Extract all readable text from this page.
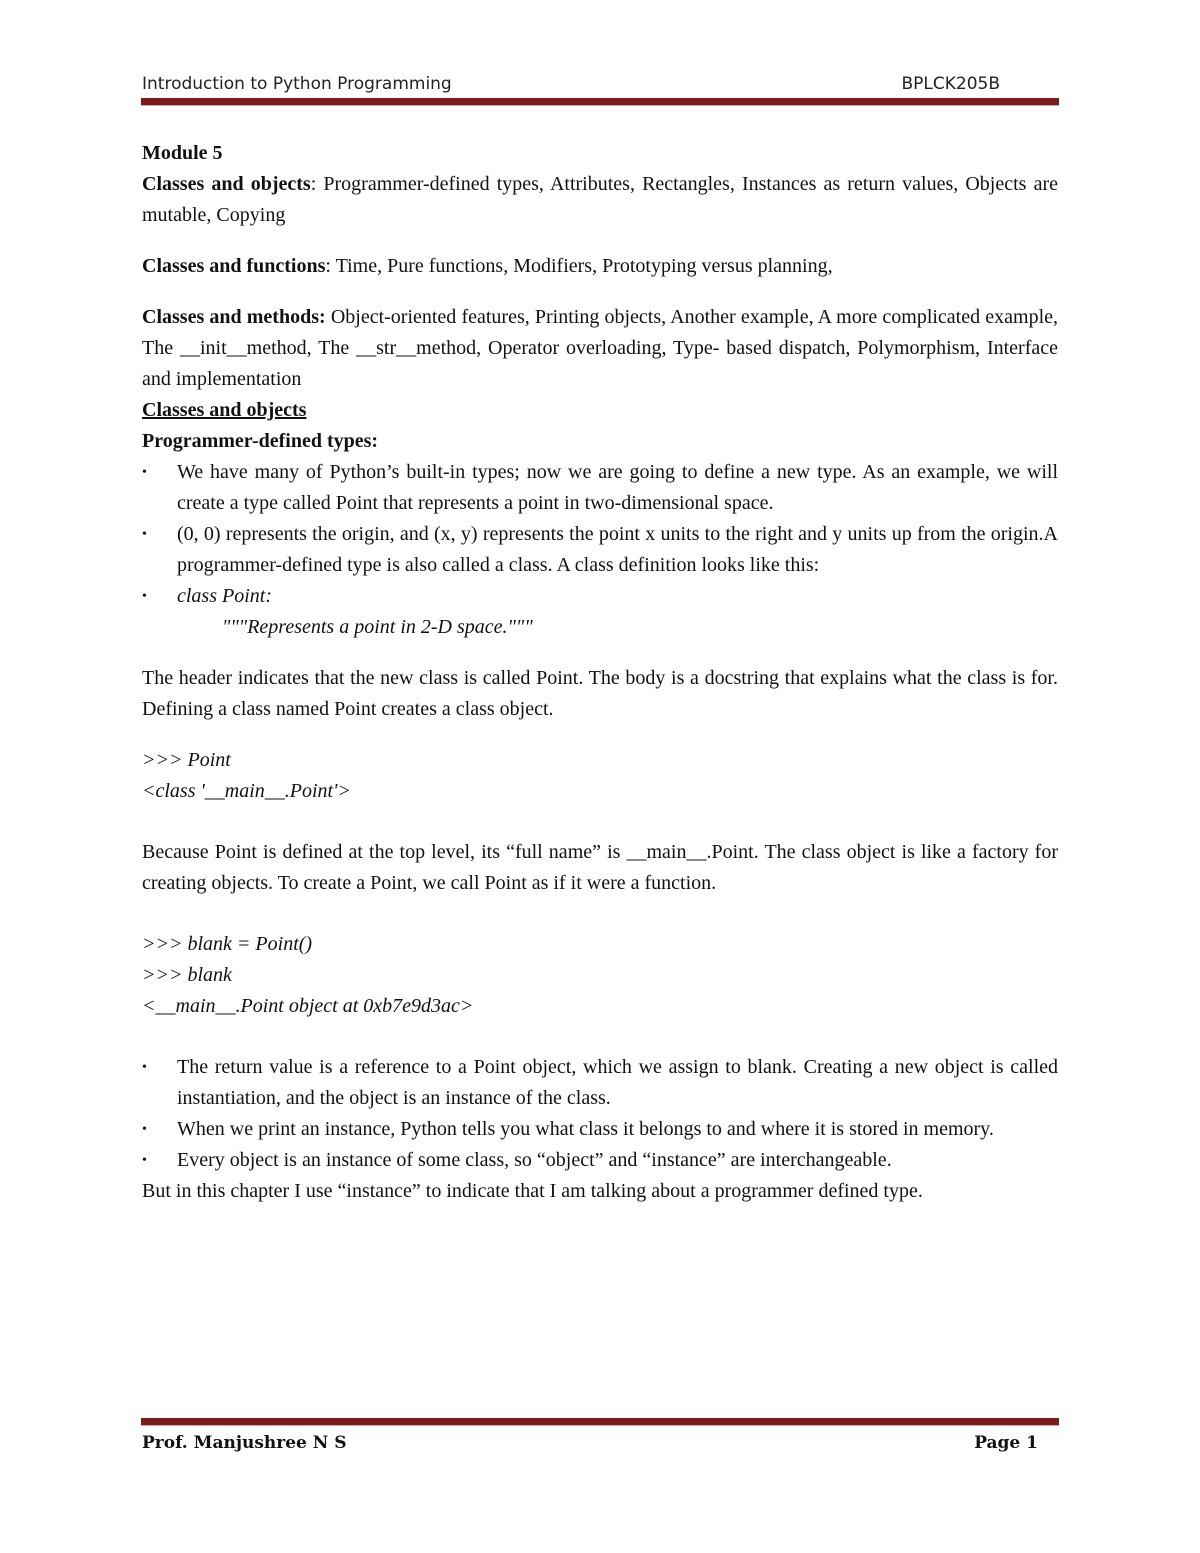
Introduction to Python Programming	BPLCK205B

Module 5

Classes and objects: Programmer-defined types, Attributes, Rectangles, Instances as return values, Objects are mutable, Copying

Classes and functions: Time, Pure functions, Modifiers, Prototyping versus planning,

Classes and methods: Object-oriented features, Printing objects, Another example, A more complicated example, The __init__method, The __str__method, Operator overloading, Type- based dispatch, Polymorphism, Interface and implementation

Classes and objects

Programmer-defined types:

•	We have many of Python’s built-in types; now we are going to define a new type. As an example, we will create a type called Point that represents a point in two-dimensional space.
•	(0, 0) represents the origin, and (x, y) represents the point x units to the right and y units up from the origin.A programmer-defined type is also called a class. A class definition looks like this:
•	class Point:

"""Represents a point in 2-D space."""

The header indicates that the new class is called Point. The body is a docstring that explains what the class is for. Defining a class named Point creates a class object.

>>> Point

<class '__main__.Point'>

Because Point is defined at the top level, its “full name” is __main__.Point. The class object is like a factory for creating objects. To create a Point, we call Point as if it were a function.

>>> blank = Point()

>>> blank

<__main__.Point object at 0xb7e9d3ac>

•	The return value is a reference to a Point object, which we assign to blank. Creating a new object is called instantiation, and the object is an instance of the class.
•	When we print an instance, Python tells you what class it belongs to and where it is stored in memory.
•	Every object is an instance of some class, so “object” and “instance” are interchangeable.

But in this chapter I use “instance” to indicate that I am talking about a programmer defined type.

Prof. Manjushree N S	Page 1
